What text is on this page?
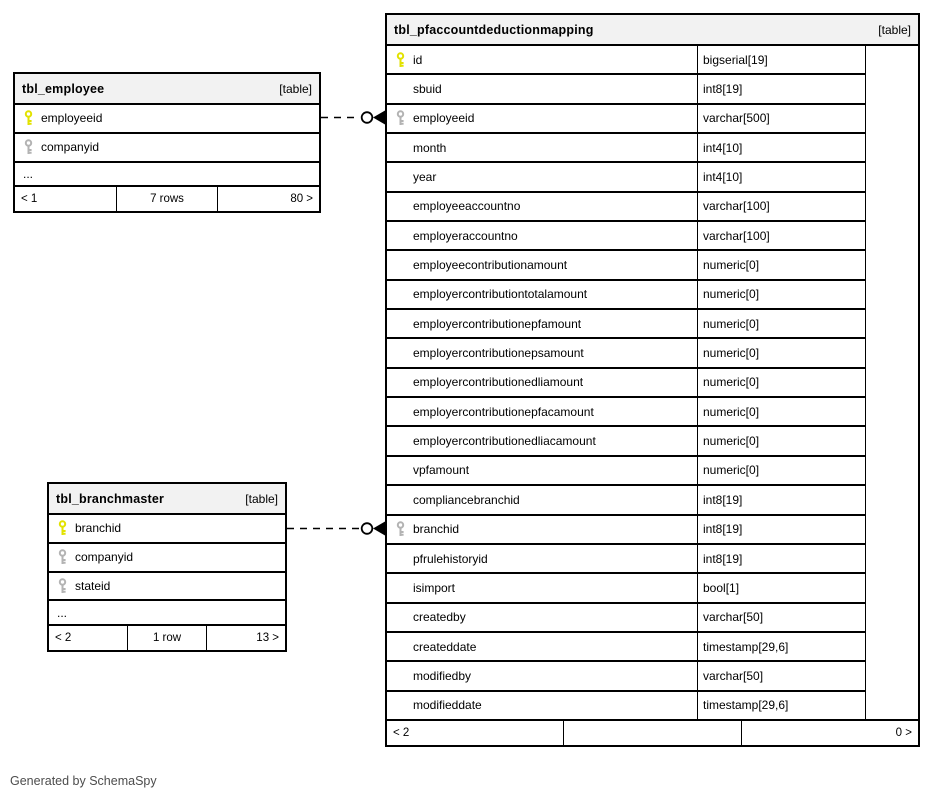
tbl_employee	[table]
employeeid
companyid
...
< 1	7 rows	80 >
tbl_branchmaster	[table]
branchid
companyid
stateid
...
< 2	1 row	13 >
tbl_pfaccountdeductionmapping	[table]
id	bigserial[19]
sbuid	int8[19]
employeeid	varchar[500]
month	int4[10]
year	int4[10]
employeeaccountno	varchar[100]
employeraccountno	varchar[100]
employeecontributionamount	numeric[0]
employercontributiontotalamount	numeric[0]
employercontributionepfamount	numeric[0]
employercontributionepsamount	numeric[0]
employercontributionedliamount	numeric[0]
employercontributionepfacamount	numeric[0]
employercontributionedliacamount	numeric[0]
vpfamount	numeric[0]
compliancebranchid	int8[19]
branchid	int8[19]
pfrulehistoryid	int8[19]
isimport	bool[1]
createdby	varchar[50]
createddate	timestamp[29,6]
modifiedby	varchar[50]
modifieddate	timestamp[29,6]
< 2	0 >
Generated by SchemaSpy
